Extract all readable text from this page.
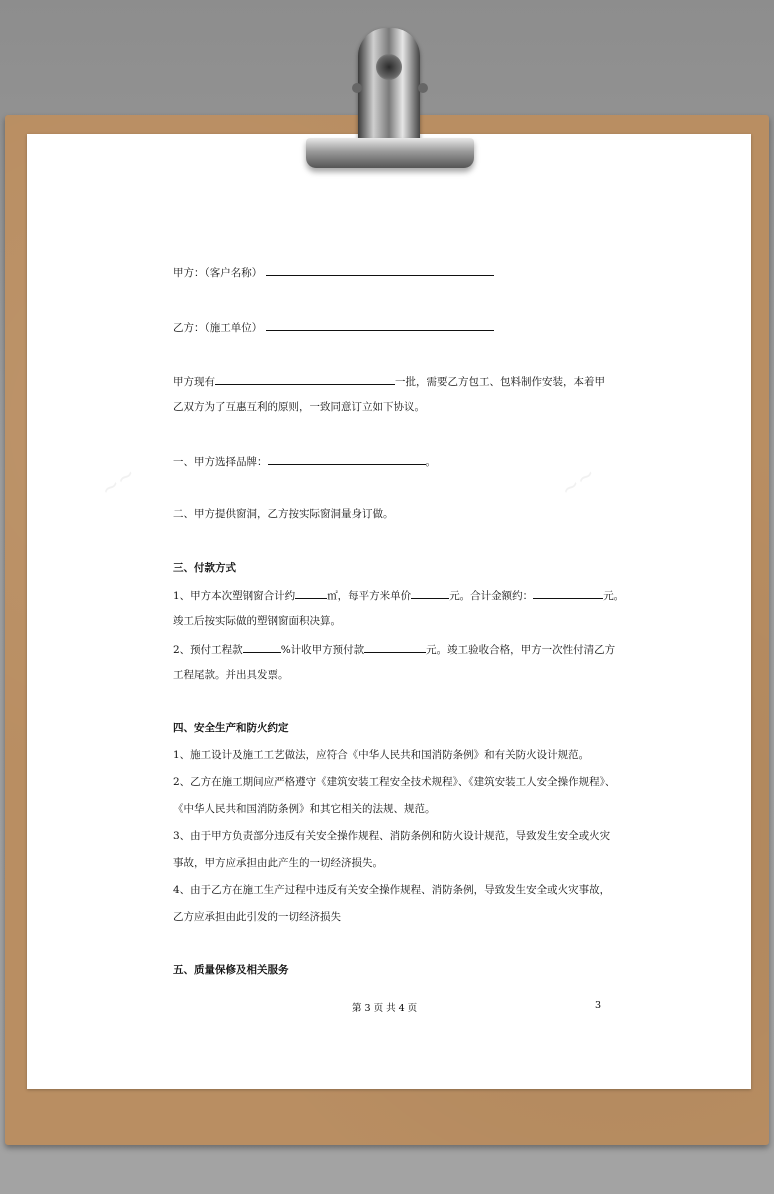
~~	~~
甲方：（客户名称）
乙方：（施工单位）
甲方现有	一批，需要乙方包工、包料制作安装，本着甲
乙双方为了互惠互利的原则，一致同意订立如下协议。
一、甲方选择品牌：	。
二、甲方提供窗洞，乙方按实际窗洞量身订做。
三、付款方式
1、甲方本次塑钢窗合计约	㎡，每平方米单价	元。合计金额约：	元。
竣工后按实际做的塑钢窗面积决算。
2、预付工程款	%计收甲方预付款	元。竣工验收合格，甲方一次性付清乙方
工程尾款。并出具发票。
四、安全生产和防火约定
1、施工设计及施工工艺做法，应符合《中华人民共和国消防条例》和有关防火设计规范。
2、乙方在施工期间应严格遵守《建筑安装工程安全技术规程》、《建筑安装工人安全操作规程》、
《中华人民共和国消防条例》和其它相关的法规、规范。
3、由于甲方负责部分违反有关安全操作规程、消防条例和防火设计规范，导致发生安全或火灾
事故，甲方应承担由此产生的一切经济损失。
4、由于乙方在施工生产过程中违反有关安全操作规程、消防条例，导致发生安全或火灾事故，
乙方应承担由此引发的一切经济损失
五、质量保修及相关服务
第 3 页 共 4 页	3
